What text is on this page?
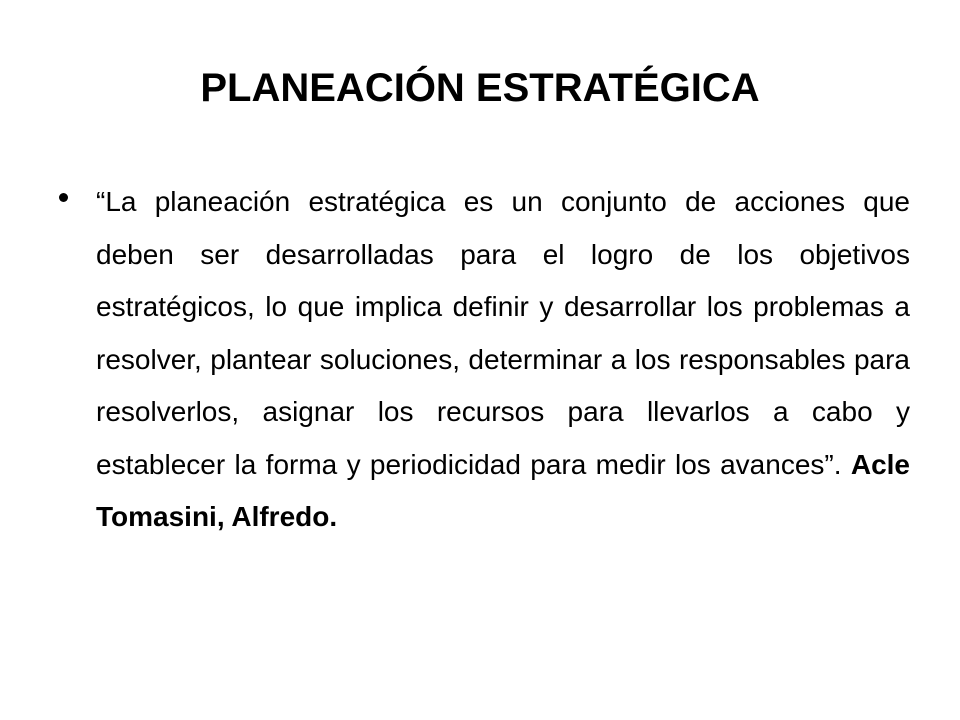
PLANEACIÓN ESTRATÉGICA

“La planeación estratégica es un conjunto de acciones que deben ser desarrolladas para el logro de los objetivos estratégicos, lo que implica definir y desarrollar los problemas a resolver, plantear soluciones, determinar a los responsables para resolverlos, asignar los recursos para llevarlos a cabo y establecer la forma y periodicidad para medir los avances”. Acle Tomasini, Alfredo.
